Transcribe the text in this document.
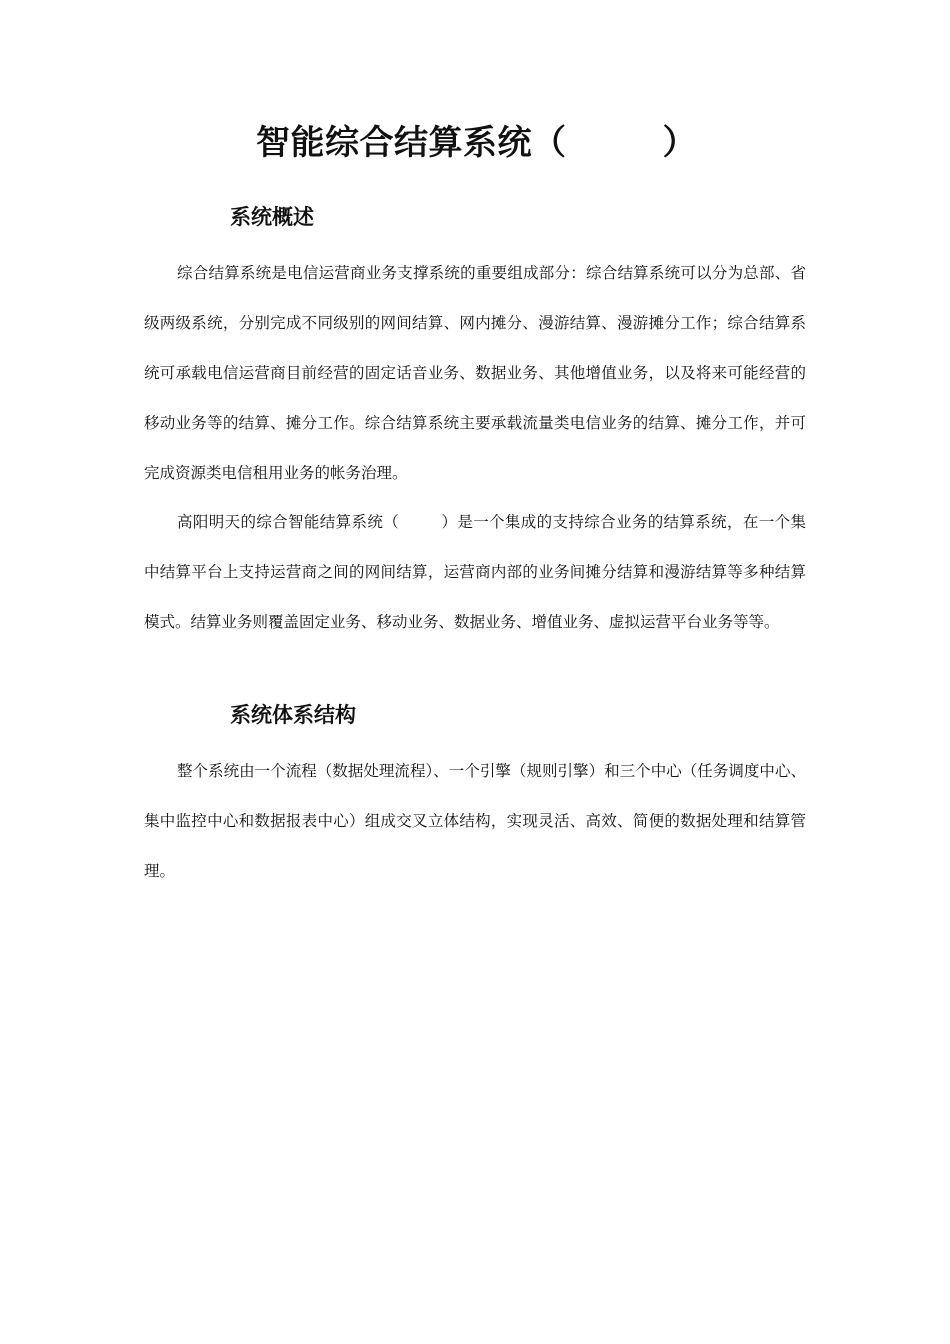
智能综合结算系统（	）
系统概述

综合结算系统是电信运营商业务支撑系统的重要组成部分：综合结算系统可以分为总部、省级两级系统，分别完成不同级别的网间结算、网内摊分、漫游结算、漫游摊分工作；综合结算系统可承载电信运营商目前经营的固定话音业务、数据业务、其他增值业务，以及将来可能经营的移动业务等的结算、摊分工作。综合结算系统主要承载流量类电信业务的结算、摊分工作，并可完成资源类电信租用业务的帐务治理。

高阳明天的综合智能结算系统（	）是一个集成的支持综合业务的结算系统，在一个集中结算平台上支持运营商之间的网间结算，运营商内部的业务间摊分结算和漫游结算等多种结算模式。结算业务则覆盖固定业务、移动业务、数据业务、增值业务、虚拟运营平台业务等等。

系统体系结构

整个系统由一个流程（数据处理流程）、一个引擎（规则引擎）和三个中心（任务调度中心、集中监控中心和数据报表中心）组成交叉立体结构，实现灵活、高效、简便的数据处理和结算管理。
